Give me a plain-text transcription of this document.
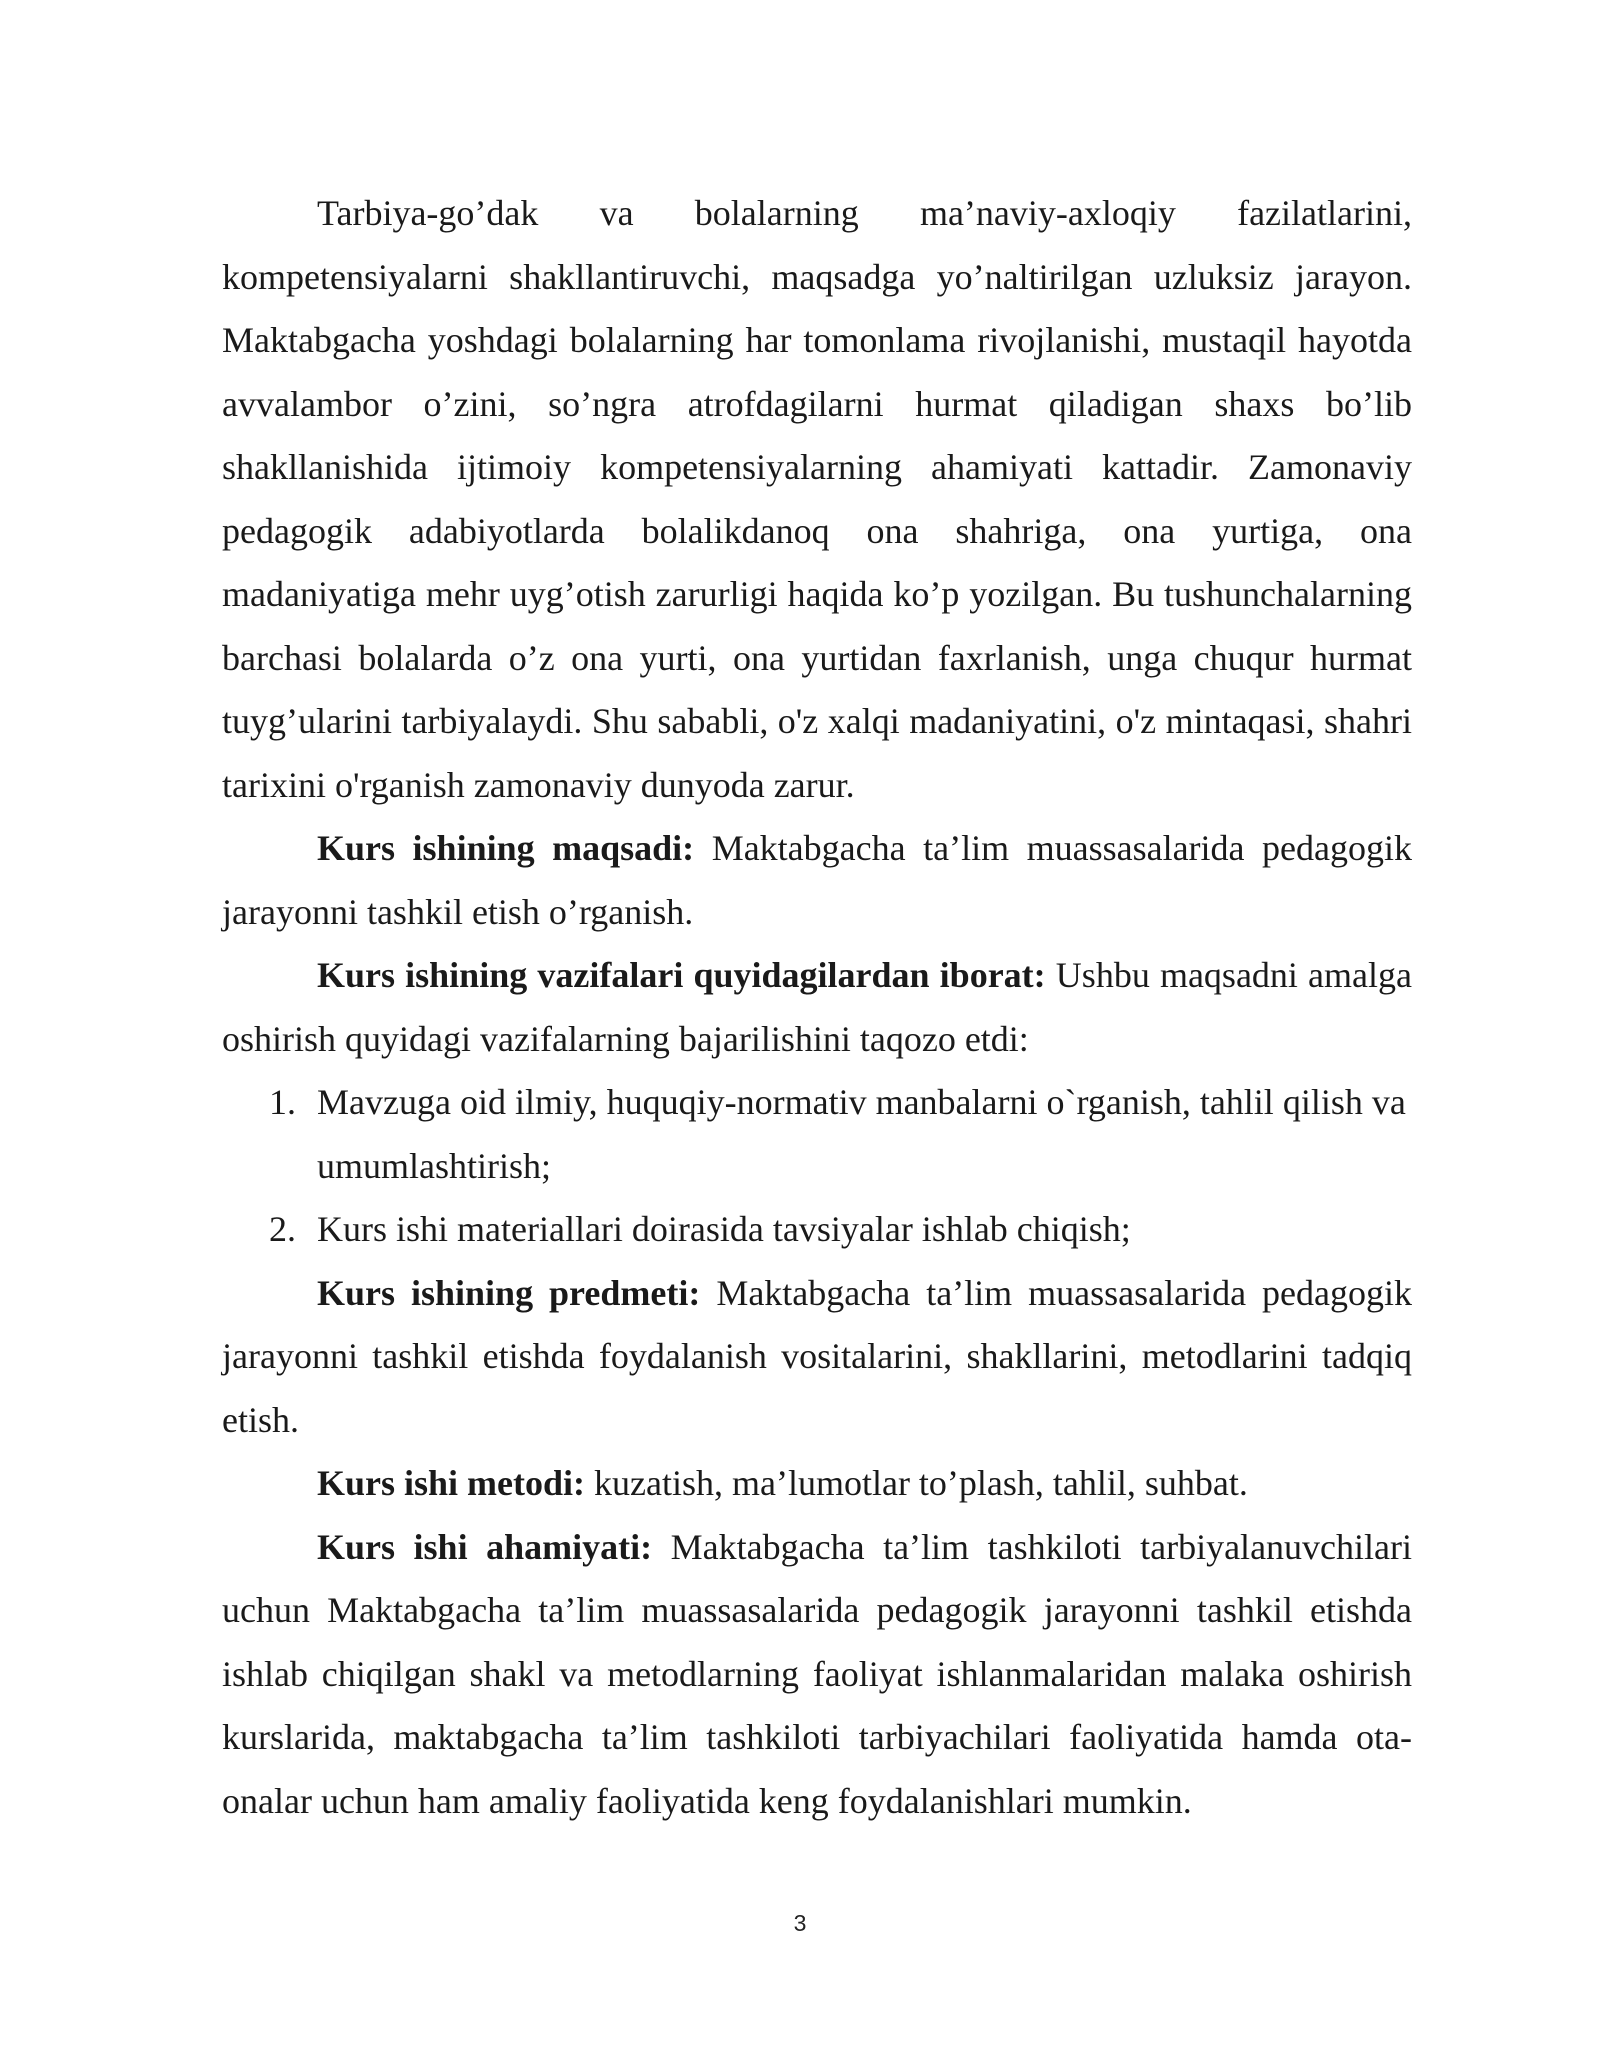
Tarbiya-go’dak va bolalarning ma’naviy-axloqiy fazilatlarini, kompetensiyalarni shakllantiruvchi, maqsadga yo’naltirilgan uzluksiz jarayon. Maktabgacha yoshdagi bolalarning har tomonlama rivojlanishi, mustaqil hayotda avvalambor o’zini, so’ngra atrofdagilarni hurmat qiladigan shaxs bo’lib shakllanishida ijtimoiy kompetensiyalarning ahamiyati kattadir. Zamonaviy pedagogik adabiyotlarda bolalikdanoq ona shahriga, ona yurtiga, ona madaniyatiga mehr uyg’otish zarurligi haqida ko’p yozilgan. Bu tushunchalarning barchasi bolalarda o’z ona yurti, ona yurtidan faxrlanish, unga chuqur hurmat tuyg’ularini tarbiyalaydi. Shu sababli, o'z xalqi madaniyatini, o'z mintaqasi, shahri tarixini o'rganish zamonaviy dunyoda zarur.

Kurs ishining maqsadi: Maktabgacha ta’lim muassasalarida pedagogik jarayonni tashkil etish o’rganish.

Kurs ishining vazifalari quyidagilardan iborat: Ushbu maqsadni amalga oshirish quyidagi vazifalarning bajarilishini taqozo etdi:

1. Mavzuga oid ilmiy, huquqiy-normativ manbalarni o`rganish, tahlil qilish va umumlashtirish;
2. Kurs ishi materiallari doirasida tavsiyalar ishlab chiqish;

Kurs ishining predmeti: Maktabgacha ta’lim muassasalarida pedagogik jarayonni tashkil etishda foydalanish vositalarini, shakllarini, metodlarini tadqiq etish.

Kurs ishi metodi: kuzatish, ma’lumotlar to’plash, tahlil, suhbat.

Kurs ishi ahamiyati: Maktabgacha ta’lim tashkiloti tarbiyalanuvchilari uchun Maktabgacha ta’lim muassasalarida pedagogik jarayonni tashkil etishda ishlab chiqilgan shakl va metodlarning faoliyat ishlanmalaridan malaka oshirish kurslarida, maktabgacha ta’lim tashkiloti tarbiyachilari faoliyatida hamda ota-onalar uchun ham amaliy faoliyatida keng foydalanishlari mumkin.

3
